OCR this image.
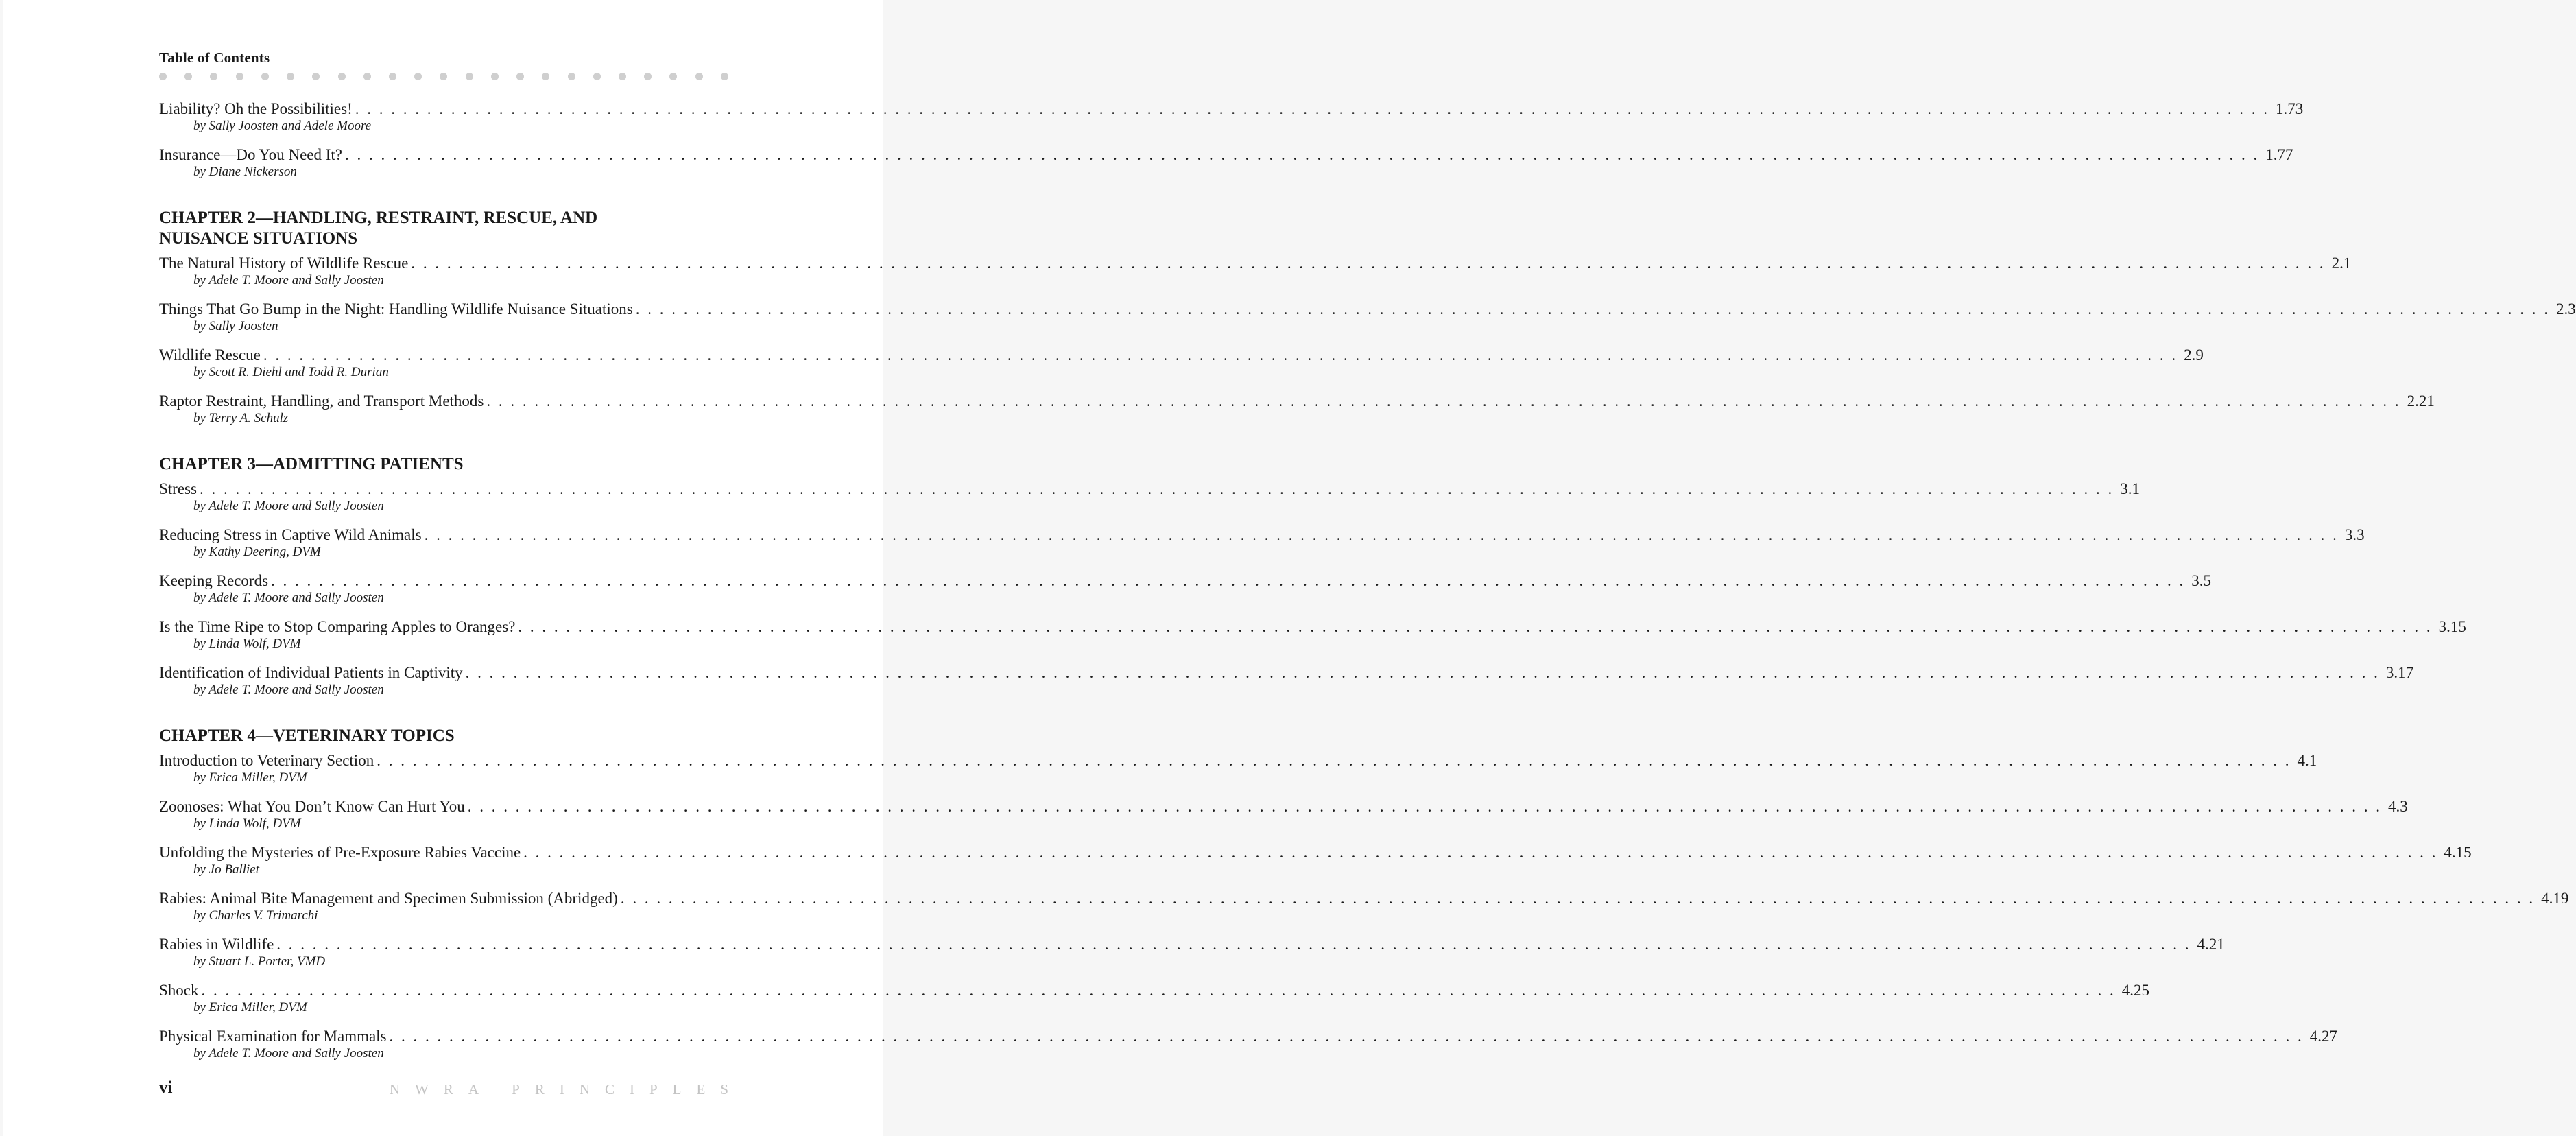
Table of Contents
Liability? Oh the Possibilities! . . . . . . . . . . . . . . . . . . . . . . . . . . . . . . . . . . . . . . . . . . . . . . . . . . . . . . . . . . . . . . . . . . . . . . . . . . . . . . . . . . . . . . . . . . . . . . . . . . . . . . . . . . . . . . . . . . . . . . . . . . . . . . . . . . . . . . . . . . . . . . . . . . . . . . . . . . . . . . . . 1.73
by Sally Joosten and Adele Moore
Insurance—Do You Need It? . . . . . . . . . . . . . . . . . . . . . . . . . . . . . . . . . . . . . . . . . . . . . . . . . . . . . . . . . . . . . . . . . . . . . . . . . . . . . . . . . . . . . . . . . . . . . . . . . . . . . . . . . . . . . . . . . . . . . . . . . . . . . . . . . . . . . . . . . . . . . . . . . . . . . . . . . . . . . . . . 1.77
by Diane Nickerson
CHAPTER 2—HANDLING, RESTRAINT, RESCUE, AND NUISANCE SITUATIONS
The Natural History of Wildlife Rescue . . . . . . . . . . . . . . . . . . . . . . . . . . . . . . . . . . . . . . . . . . . . . . . . . . . . . . . . . . . . . . . . . . . . . . . . . . . . . . . . . . . . . . . . . . . . . . . . . . . . . . . . . . . . . . . . . . . . . . . . . . . . . . . . . . . . . . . . . . . . . . . . . . . . . . . . . . . . . . . . 2.1
by Adele T. Moore and Sally Joosten
Things That Go Bump in the Night: Handling Wildlife Nuisance Situations . . . . . . . . . . . . . . . . . . . . . . . . . . . . . . . . . . . . . . . . . . . . . . . . . . . . . . . . . . . . . . . . . . . . . . . . . . . . . . . . . . . . . . . . . . . . . . . . . . . . . . . . . . . . . . . . . . . . . . . . . . . . . . . . . . . . . . . . . . . . . . . . . . . . . . . . . . . . . . . . 2.3
by Sally Joosten
Wildlife Rescue . . . . . . . . . . . . . . . . . . . . . . . . . . . . . . . . . . . . . . . . . . . . . . . . . . . . . . . . . . . . . . . . . . . . . . . . . . . . . . . . . . . . . . . . . . . . . . . . . . . . . . . . . . . . . . . . . . . . . . . . . . . . . . . . . . . . . . . . . . . . . . . . . . . . . . . . . . . . . . . . 2.9
by Scott R. Diehl and Todd R. Durian
Raptor Restraint, Handling, and Transport Methods . . . . . . . . . . . . . . . . . . . . . . . . . . . . . . . . . . . . . . . . . . . . . . . . . . . . . . . . . . . . . . . . . . . . . . . . . . . . . . . . . . . . . . . . . . . . . . . . . . . . . . . . . . . . . . . . . . . . . . . . . . . . . . . . . . . . . . . . . . . . . . . . . . . . . . . . . . . . . . . . 2.21
by Terry A. Schulz
CHAPTER 3—ADMITTING PATIENTS
Stress . . . . . . . . . . . . . . . . . . . . . . . . . . . . . . . . . . . . . . . . . . . . . . . . . . . . . . . . . . . . . . . . . . . . . . . . . . . . . . . . . . . . . . . . . . . . . . . . . . . . . . . . . . . . . . . . . . . . . . . . . . . . . . . . . . . . . . . . . . . . . . . . . . . . . . . . . . . . . . . . 3.1
by Adele T. Moore and Sally Joosten
Reducing Stress in Captive Wild Animals . . . . . . . . . . . . . . . . . . . . . . . . . . . . . . . . . . . . . . . . . . . . . . . . . . . . . . . . . . . . . . . . . . . . . . . . . . . . . . . . . . . . . . . . . . . . . . . . . . . . . . . . . . . . . . . . . . . . . . . . . . . . . . . . . . . . . . . . . . . . . . . . . . . . . . . . . . . . . . . . 3.3
by Kathy Deering, DVM
Keeping Records . . . . . . . . . . . . . . . . . . . . . . . . . . . . . . . . . . . . . . . . . . . . . . . . . . . . . . . . . . . . . . . . . . . . . . . . . . . . . . . . . . . . . . . . . . . . . . . . . . . . . . . . . . . . . . . . . . . . . . . . . . . . . . . . . . . . . . . . . . . . . . . . . . . . . . . . . . . . . . . . 3.5
by Adele T. Moore and Sally Joosten
Is the Time Ripe to Stop Comparing Apples to Oranges? . . . . . . . . . . . . . . . . . . . . . . . . . . . . . . . . . . . . . . . . . . . . . . . . . . . . . . . . . . . . . . . . . . . . . . . . . . . . . . . . . . . . . . . . . . . . . . . . . . . . . . . . . . . . . . . . . . . . . . . . . . . . . . . . . . . . . . . . . . . . . . . . . . . . . . . . . . . . . . . . 3.15
by Linda Wolf, DVM
Identification of Individual Patients in Captivity . . . . . . . . . . . . . . . . . . . . . . . . . . . . . . . . . . . . . . . . . . . . . . . . . . . . . . . . . . . . . . . . . . . . . . . . . . . . . . . . . . . . . . . . . . . . . . . . . . . . . . . . . . . . . . . . . . . . . . . . . . . . . . . . . . . . . . . . . . . . . . . . . . . . . . . . . . . . . . . . 3.17
by Adele T. Moore and Sally Joosten
CHAPTER 4—VETERINARY TOPICS
Introduction to Veterinary Section . . . . . . . . . . . . . . . . . . . . . . . . . . . . . . . . . . . . . . . . . . . . . . . . . . . . . . . . . . . . . . . . . . . . . . . . . . . . . . . . . . . . . . . . . . . . . . . . . . . . . . . . . . . . . . . . . . . . . . . . . . . . . . . . . . . . . . . . . . . . . . . . . . . . . . . . . . . . . . . . 4.1
by Erica Miller, DVM
Zoonoses: What You Don’t Know Can Hurt You . . . . . . . . . . . . . . . . . . . . . . . . . . . . . . . . . . . . . . . . . . . . . . . . . . . . . . . . . . . . . . . . . . . . . . . . . . . . . . . . . . . . . . . . . . . . . . . . . . . . . . . . . . . . . . . . . . . . . . . . . . . . . . . . . . . . . . . . . . . . . . . . . . . . . . . . . . . . . . . . 4.3
by Linda Wolf, DVM
Unfolding the Mysteries of Pre-Exposure Rabies Vaccine . . . . . . . . . . . . . . . . . . . . . . . . . . . . . . . . . . . . . . . . . . . . . . . . . . . . . . . . . . . . . . . . . . . . . . . . . . . . . . . . . . . . . . . . . . . . . . . . . . . . . . . . . . . . . . . . . . . . . . . . . . . . . . . . . . . . . . . . . . . . . . . . . . . . . . . . . . . . . . . . 4.15
by Jo Balliet
Rabies: Animal Bite Management and Specimen Submission (Abridged) . . . . . . . . . . . . . . . . . . . . . . . . . . . . . . . . . . . . . . . . . . . . . . . . . . . . . . . . . . . . . . . . . . . . . . . . . . . . . . . . . . . . . . . . . . . . . . . . . . . . . . . . . . . . . . . . . . . . . . . . . . . . . . . . . . . . . . . . . . . . . . . . . . . . . . . . . . . . . . . . 4.19
by Charles V. Trimarchi
Rabies in Wildlife . . . . . . . . . . . . . . . . . . . . . . . . . . . . . . . . . . . . . . . . . . . . . . . . . . . . . . . . . . . . . . . . . . . . . . . . . . . . . . . . . . . . . . . . . . . . . . . . . . . . . . . . . . . . . . . . . . . . . . . . . . . . . . . . . . . . . . . . . . . . . . . . . . . . . . . . . . . . . . . . 4.21
by Stuart L. Porter, VMD
Shock . . . . . . . . . . . . . . . . . . . . . . . . . . . . . . . . . . . . . . . . . . . . . . . . . . . . . . . . . . . . . . . . . . . . . . . . . . . . . . . . . . . . . . . . . . . . . . . . . . . . . . . . . . . . . . . . . . . . . . . . . . . . . . . . . . . . . . . . . . . . . . . . . . . . . . . . . . . . . . . . 4.25
by Erica Miller, DVM
Physical Examination for Mammals . . . . . . . . . . . . . . . . . . . . . . . . . . . . . . . . . . . . . . . . . . . . . . . . . . . . . . . . . . . . . . . . . . . . . . . . . . . . . . . . . . . . . . . . . . . . . . . . . . . . . . . . . . . . . . . . . . . . . . . . . . . . . . . . . . . . . . . . . . . . . . . . . . . . . . . . . . . . . . . . 4.27
by Adele T. Moore and Sally Joosten
vi	NWRA PRINCIPLES
